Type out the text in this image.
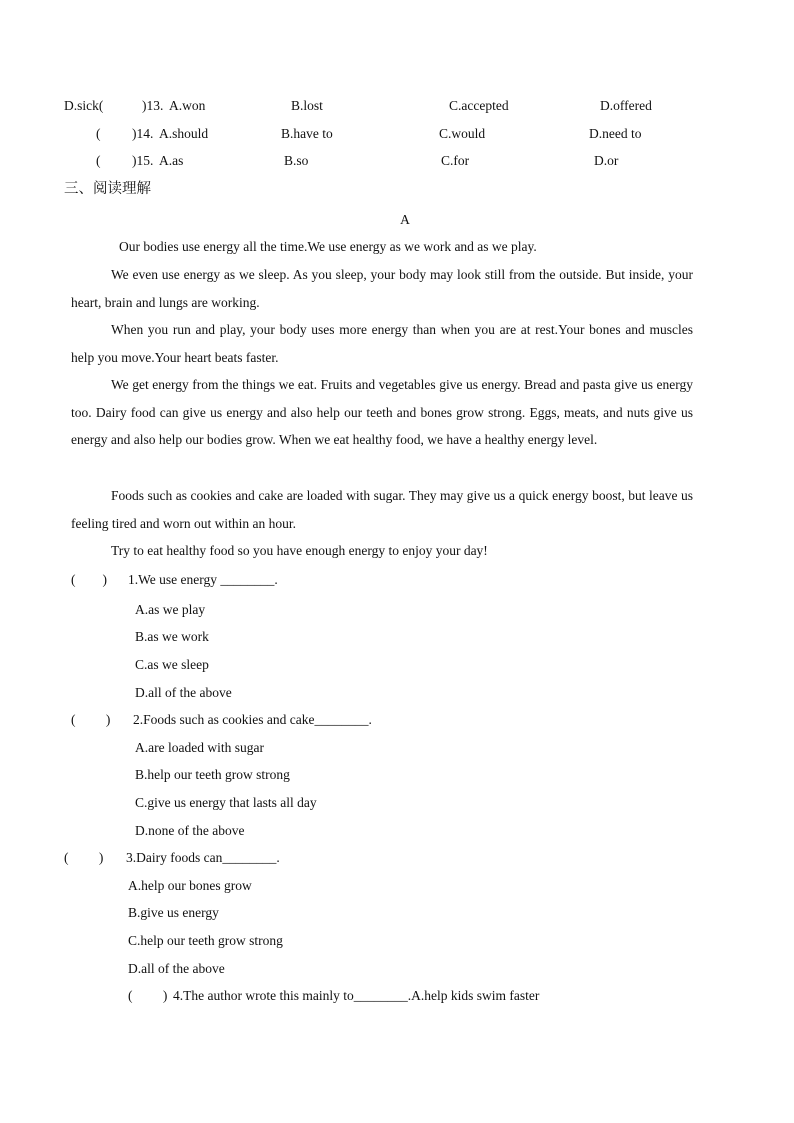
D.sick(	)13. A.won	B.lost	C.accepted	D.offered
( )14. A.should	B.have to	C.would	D.need to
( )15. A.as	B.so	C.for	D.or
三、阅读理解
A
Our bodies use energy all the time.We use energy as we work and as we play.
We even use energy as we sleep. As you sleep, your body may look still from the outside. But inside, your heart, brain and lungs are working.
When you run and play, your body uses more energy than when you are at rest.Your bones and muscles help you move.Your heart beats faster.
We get energy from the things we eat. Fruits and vegetables give us energy. Bread and pasta give us energy too. Dairy food can give us energy and also help our teeth and bones grow strong. Eggs, meats, and nuts give us energy and also help our bodies grow. When we eat healthy food, we have a healthy energy level.
Foods such as cookies and cake are loaded with sugar. They may give us a quick energy boost, but leave us feeling tired and worn out within an hour.
Try to eat healthy food so you have enough energy to enjoy your day!
(        ) 1.We use energy ________.
A.as we play
B.as we work
C.as we sleep
D.all of the above
(         ) 2.Foods such as cookies and cake________.
A.are loaded with sugar
B.help our teeth grow strong
C.give us energy that lasts all day
D.none of the above
(         ) 3.Dairy foods can________.
A.help our bones grow
B.give us energy
C.help our teeth grow strong
D.all of the above
(         ) 4.The author wrote this mainly to________.A.help kids swim faster
